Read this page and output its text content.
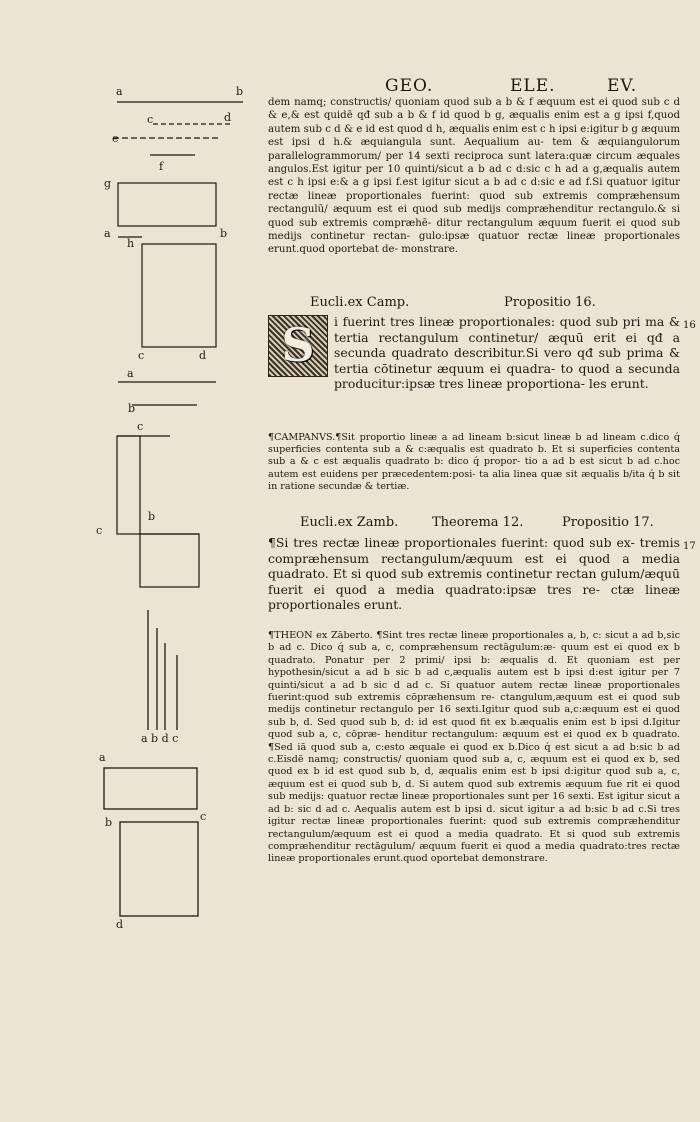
GEO.	ELE.	EV.

dem namq; constructis/ quoniam quod sub a b & f æquum est ei quod sub c d & e,& est quidē qđ sub a b & f id quod b g, æqualis enim est a g ipsi f,quod autem sub c d & e id est quod d h, æqualis enim est c h ipsi e:igitur b g æquum est ipsi d h.& æquiangula sunt. Aequalium au- tem & æquiangulorum parallelogrammorum/ per 14 sexti reciproca sunt latera:quæ circum æquales angulos.Est igitur per 10 quinti/sicut a b ad c d:sic c h ad a g,æqualis autem est c h ipsi e:& a g ipsi f.est igitur sicut a b ad c d:sic e ad f.Si quatuor igitur rectæ lineæ proportionales fuerint: quod sub extremis compræhensum rectangulū/ æquum est ei quod sub medijs compræhenditur rectangulo.& si quod sub extremis compræhē- ditur rectangulum æquum fuerit ei quod sub medijs continetur rectan- gulo:ipsæ quatuor rectæ lineæ proportionales erunt.quod oportebat de- monstrare.

Eucli.ex Camp.	Propositio 16.
S	i fuerint tres lineæ proportionales: quod sub pri ma & tertia rectangulum continetur/ æquū erit ei qđ a secunda quadrato describitur.Si vero qđ sub prima & tertia cōtinetur æquum ei quadra- to quod a secunda producitur:ipsæ tres lineæ proportiona- les erunt.

16

¶CAMPANVS.¶Sit proportio lineæ a ad lineam b:sicut lineæ b ad lineam c.dico q́ superficies contenta sub a & c:æqualis est quadrato b. Et si superficies contenta sub a & c est æqualis quadrato b: dico q́ propor- tio a ad b est sicut b ad c.hoc autem est euidens per præcedentem:posi- ta alia linea quæ sit æqualis b/ita q́ b sit in ratione secundæ & tertiæ.

Eucli.ex Zamb.	Theorema 12.	Propositio 17.

¶Si tres rectæ lineæ proportionales fuerint: quod sub ex- tremis compræhensum rectangulum/æquum est ei quod a media quadrato. Et si quod sub extremis continetur rectan gulum/æquū fuerit ei quod a media quadrato:ipsæ tres re- ctæ lineæ proportionales erunt.

17

¶THEON ex Zāberto. ¶Sint tres rectæ lineæ proportionales a, b, c: sicut a ad b,sic b ad c. Dico q́ sub a, c, compræhensum rectāgulum:æ- quum est ei quod ex b quadrato. Ponatur per 2 primi/ ipsi b: æqualis d. Et quoniam est per hypothesin/sicut a ad b sic b ad c,æqualis autem est b ipsi d:est igitur per 7 quinti/sicut a ad b sic d ad c. Si quatuor autem rectæ lineæ proportionales fuerint:quod sub extremis cōpræhensum re- ctangulum,æquum est ei quod sub medijs continetur rectangulo per 16 sexti.Igitur quod sub a,c:æquum est ei quod sub b, d. Sed quod sub b, d: id est quod fit ex b.æqualis enim est b ipsi d.Igitur quod sub a, c, cōpræ- henditur rectangulum: æquum est ei quod ex b quadrato. ¶Sed iā quod sub a, c:esto æquale ei quod ex b.Dico q́ est sicut a ad b:sic b ad c.Eisdē namq; constructis/ quoniam quod sub a, c, æquum est ei quod ex b, sed quod ex b id est quod sub b, d, æqualis enim est b ipsi d:igitur quod sub a, c, æquum est ei quod sub b, d. Si autem quod sub extremis æquum fue rit ei quod sub medijs: quatuor rectæ lineæ proportionales sunt per 16 sexti. Est igitur sicut a ad b: sic d ad c. Aequalis autem est b ipsi d. sicut igitur a ad b:sic b ad c.Si tres igitur rectæ lineæ proportionales fuerint: quod sub extremis compræhenditur rectangulum/æquum est ei quod a media quadrato. Et si quod sub extremis compræhenditur rectāgulum/ æquum fuerit ei quod a media quadrato:tres rectæ lineæ proportionales erunt.quod oportebat demonstrare.

a	b
c	d
e
f
g
a
h
b
c	d
a
b
c
c
b
a b d c
a
c
b
d
